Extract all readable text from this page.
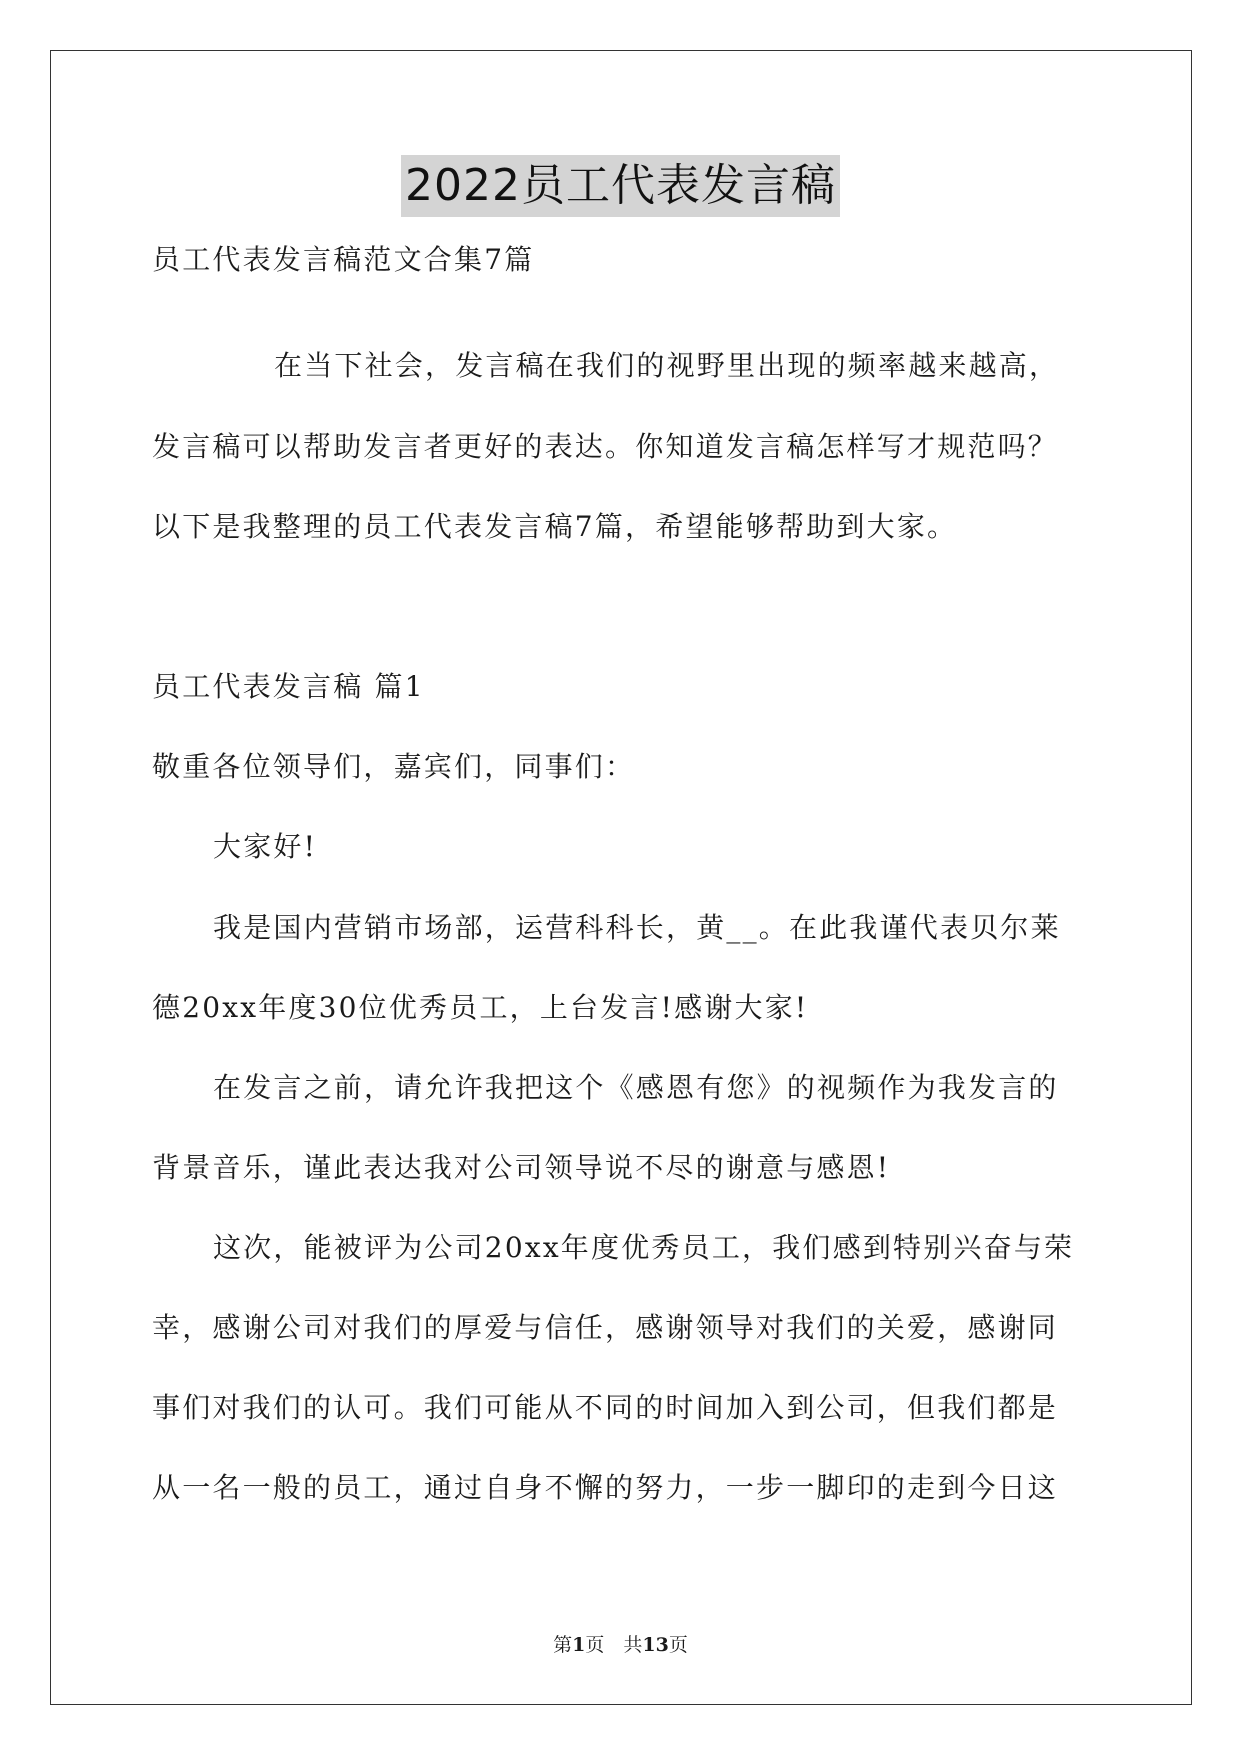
2022员工代表发言稿
员工代表发言稿范文合集7篇
在当下社会，发言稿在我们的视野里出现的频率越来越高，
发言稿可以帮助发言者更好的表达。你知道发言稿怎样写才规范吗？
以下是我整理的员工代表发言稿7篇，希望能够帮助到大家。
员工代表发言稿 篇1
敬重各位领导们，嘉宾们，同事们：
大家好!
我是国内营销市场部，运营科科长，黄__。在此我谨代表贝尔莱
德20xx年度30位优秀员工，上台发言!感谢大家!
在发言之前，请允许我把这个《感恩有您》的视频作为我发言的
背景音乐，谨此表达我对公司领导说不尽的谢意与感恩!
这次，能被评为公司20xx年度优秀员工，我们感到特别兴奋与荣
幸，感谢公司对我们的厚爱与信任，感谢领导对我们的关爱，感谢同
事们对我们的认可。我们可能从不同的时间加入到公司，但我们都是
从一名一般的员工，通过自身不懈的努力，一步一脚印的走到今日这
第1页　共13页
